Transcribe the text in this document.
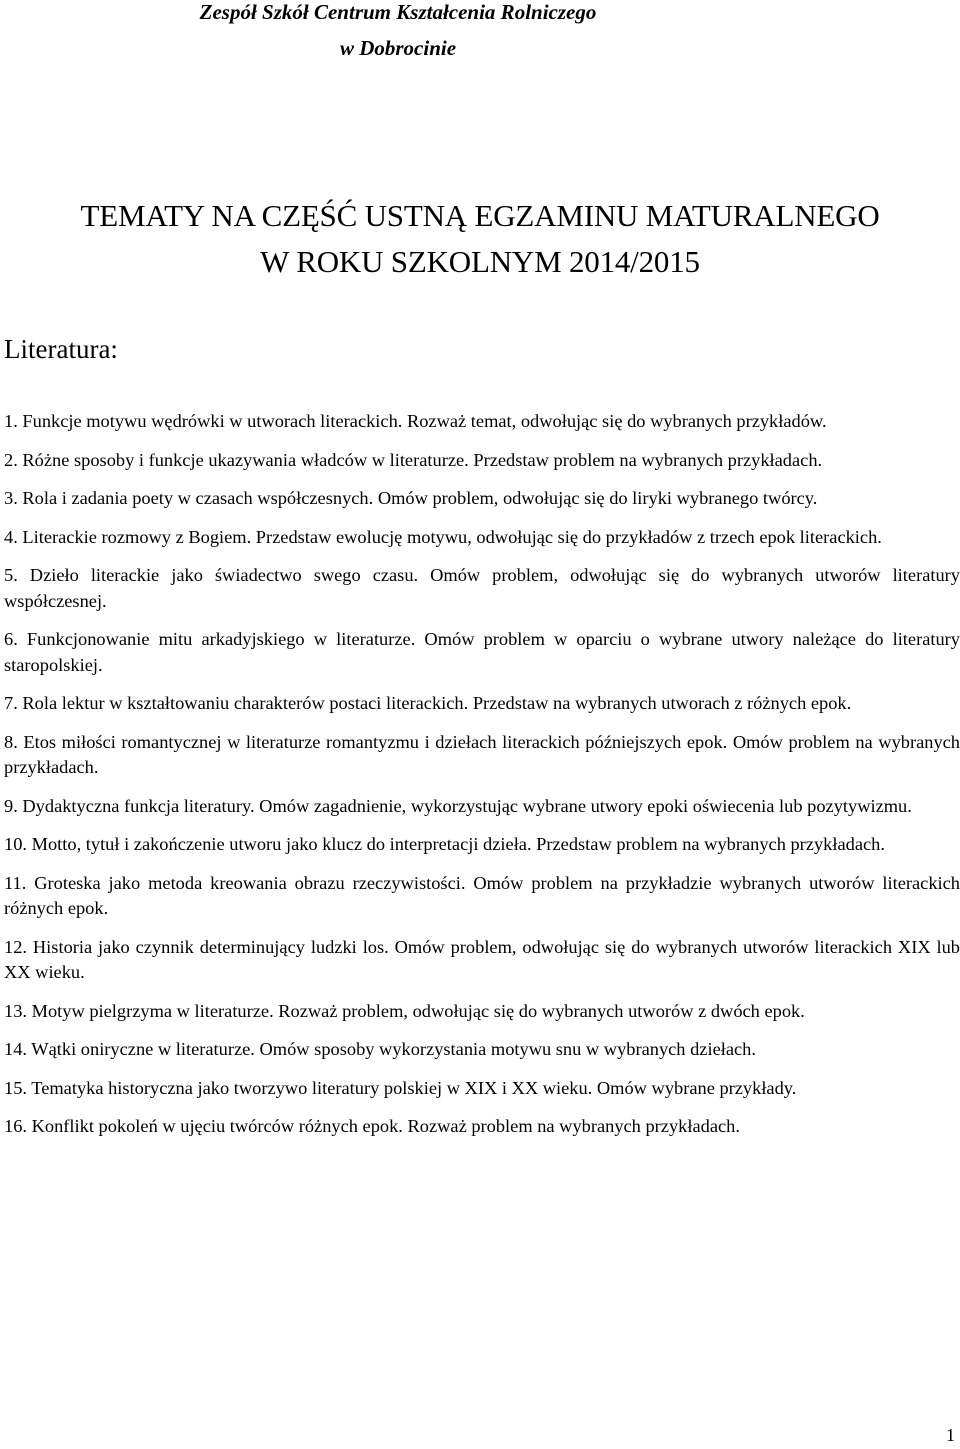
Zespół Szkół Centrum Kształcenia Rolniczego
w Dobrocinie
TEMATY NA CZĘŚĆ USTNĄ EGZAMINU MATURALNEGO
W ROKU SZKOLNYM 2014/2015
Literatura:
1. Funkcje motywu wędrówki w utworach literackich. Rozważ temat, odwołując się do wybranych przykładów.
2. Różne sposoby i funkcje ukazywania władców w literaturze. Przedstaw problem na wybranych przykładach.
3. Rola i zadania poety w czasach współczesnych. Omów problem, odwołując się do liryki wybranego twórcy.
4. Literackie rozmowy z Bogiem. Przedstaw ewolucję motywu, odwołując się do przykładów z trzech epok literackich.
5. Dzieło literackie jako świadectwo swego czasu. Omów problem, odwołując się do wybranych utworów literatury współczesnej.
6. Funkcjonowanie mitu arkadyjskiego w literaturze. Omów problem w oparciu o wybrane utwory należące do literatury staropolskiej.
7. Rola lektur w kształtowaniu charakterów postaci literackich. Przedstaw na wybranych utworach z różnych epok.
8. Etos miłości romantycznej w literaturze romantyzmu i dziełach literackich późniejszych epok. Omów problem na wybranych przykładach.
9. Dydaktyczna funkcja literatury. Omów zagadnienie, wykorzystując wybrane utwory epoki oświecenia lub pozytywizmu.
10. Motto, tytuł i zakończenie utworu jako klucz do interpretacji dzieła. Przedstaw problem na wybranych przykładach.
11. Groteska jako metoda kreowania obrazu rzeczywistości. Omów problem na przykładzie wybranych utworów literackich różnych epok.
12. Historia jako czynnik determinujący ludzki los. Omów problem, odwołując się do wybranych utworów literackich XIX lub XX wieku.
13. Motyw pielgrzyma w literaturze. Rozważ problem, odwołując się do wybranych utworów z dwóch epok.
14. Wątki oniryczne w literaturze. Omów sposoby wykorzystania motywu snu w wybranych dziełach.
15. Tematyka historyczna jako tworzywo literatury polskiej w XIX i XX wieku. Omów wybrane przykłady.
16. Konflikt pokoleń w ujęciu twórców różnych epok. Rozważ problem na wybranych przykładach.
1
